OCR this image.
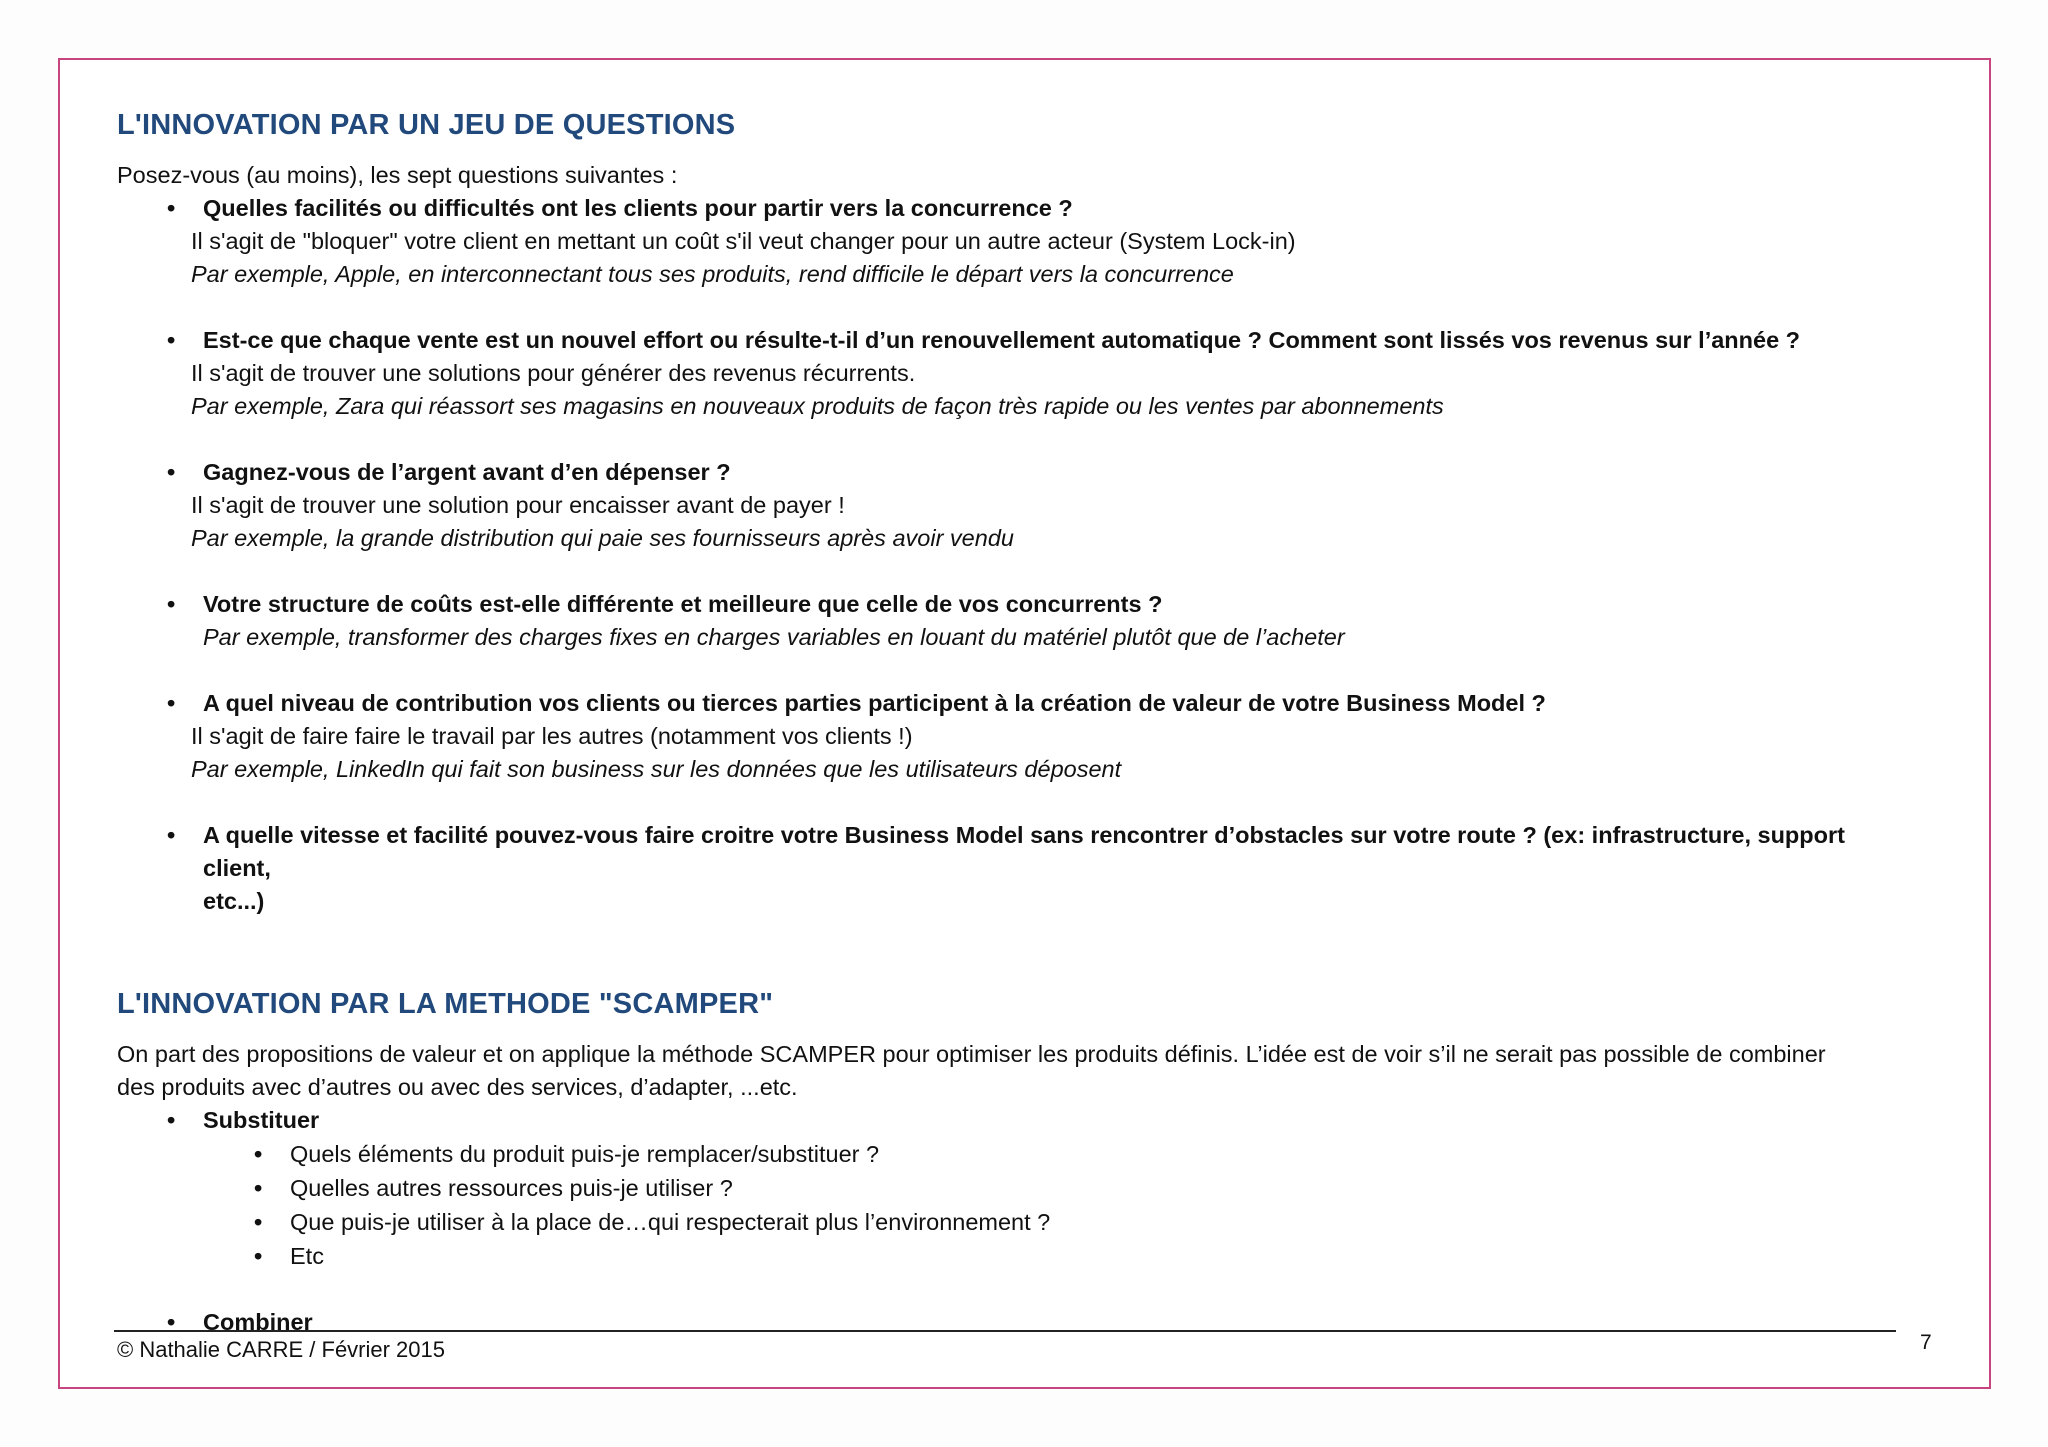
L'INNOVATION PAR UN JEU DE QUESTIONS

Posez-vous (au moins), les sept questions suivantes :

•	Quelles facilités ou difficultés ont les clients pour partir vers la concurrence ?

Il s'agit de "bloquer" votre client en mettant un coût s'il veut changer pour un autre acteur (System Lock-in)

Par exemple, Apple, en interconnectant tous ses produits, rend difficile le départ vers la concurrence

•	Est-ce que chaque vente est un nouvel effort ou résulte-t-il d’un renouvellement automatique ? Comment sont lissés vos revenus sur l’année ?

Il s'agit de trouver une solutions pour générer des revenus récurrents.

Par exemple, Zara qui réassort ses magasins en nouveaux produits de façon très rapide ou les ventes par abonnements

•	Gagnez-vous de l’argent avant d’en dépenser ?

Il s'agit de trouver une solution pour encaisser avant de payer !

Par exemple, la grande distribution qui paie ses fournisseurs après avoir vendu

•	Votre structure de coûts est-elle différente et meilleure que celle de vos concurrents ?

Par exemple, transformer des charges fixes en charges variables en louant du matériel plutôt que de l’acheter

•	A quel niveau de contribution vos clients ou tierces parties participent à la création de valeur de votre Business Model ?

Il s'agit de faire faire le travail par les autres (notamment vos clients !)

Par exemple, LinkedIn qui fait son business sur les données que les utilisateurs déposent

•	A quelle vitesse et facilité pouvez-vous faire croitre votre Business Model sans rencontrer d’obstacles sur votre route ? (ex: infrastructure, support client,

etc...)

L'INNOVATION PAR LA METHODE "SCAMPER"

On part des propositions de valeur et on applique la méthode SCAMPER pour optimiser les produits définis. L’idée est de voir s’il ne serait pas possible de combiner

des produits avec d’autres ou avec des services, d’adapter, ...etc.

•	Substituer

• Quels éléments du produit puis-je remplacer/substituer ?
• Quelles autres ressources puis-je utiliser ?
• Que puis-je utiliser à la place de…qui respecterait plus l’environnement ?
• Etc
•	Combiner

© Nathalie CARRE / Février 2015	7
